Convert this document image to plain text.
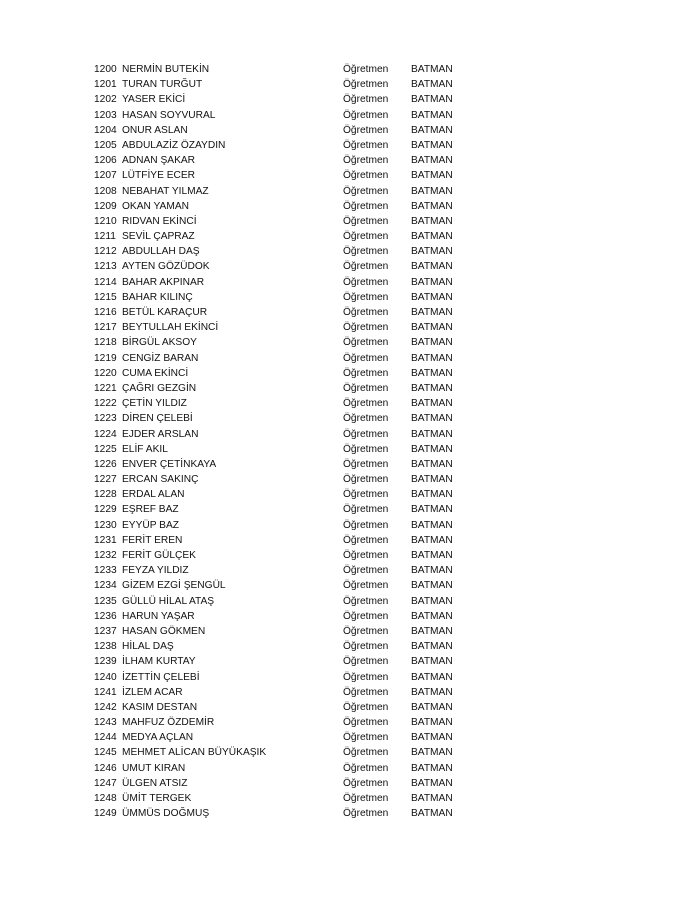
1200 NERMİN BUTEKİN	Öğretmen BATMAN
1201 TURAN TURĞUT	Öğretmen BATMAN
1202 YASER EKİCİ	Öğretmen BATMAN
1203 HASAN SOYVURAL	Öğretmen BATMAN
1204 ONUR ASLAN	Öğretmen BATMAN
1205 ABDULAZİZ ÖZAYDIN	Öğretmen BATMAN
1206 ADNAN ŞAKAR	Öğretmen BATMAN
1207 LÜTFİYE ECER	Öğretmen BATMAN
1208 NEBAHAT YILMAZ	Öğretmen BATMAN
1209 OKAN YAMAN	Öğretmen BATMAN
1210 RIDVAN EKİNCİ	Öğretmen BATMAN
1211 SEVİL ÇAPRAZ	Öğretmen BATMAN
1212 ABDULLAH DAŞ	Öğretmen BATMAN
1213 AYTEN GÖZÜDOK	Öğretmen BATMAN
1214 BAHAR AKPINAR	Öğretmen BATMAN
1215 BAHAR KILINÇ	Öğretmen BATMAN
1216 BETÜL KARAÇUR	Öğretmen BATMAN
1217 BEYTULLAH EKİNCİ	Öğretmen BATMAN
1218 BİRGÜL AKSOY	Öğretmen BATMAN
1219 CENGİZ BARAN	Öğretmen BATMAN
1220 CUMA EKİNCİ	Öğretmen BATMAN
1221 ÇAĞRI GEZGİN	Öğretmen BATMAN
1222 ÇETİN YILDIZ	Öğretmen BATMAN
1223 DİREN ÇELEBİ	Öğretmen BATMAN
1224 EJDER ARSLAN	Öğretmen BATMAN
1225 ELİF AKIL	Öğretmen BATMAN
1226 ENVER ÇETİNKAYA	Öğretmen BATMAN
1227 ERCAN SAKINÇ	Öğretmen BATMAN
1228 ERDAL ALAN	Öğretmen BATMAN
1229 EŞREF BAZ	Öğretmen BATMAN
1230 EYYÜP BAZ	Öğretmen BATMAN
1231 FERİT EREN	Öğretmen BATMAN
1232 FERİT GÜLÇEK	Öğretmen BATMAN
1233 FEYZA YILDIZ	Öğretmen BATMAN
1234 GİZEM EZGİ ŞENGÜL	Öğretmen BATMAN
1235 GÜLLÜ HİLAL ATAŞ	Öğretmen BATMAN
1236 HARUN YAŞAR	Öğretmen BATMAN
1237 HASAN GÖKMEN	Öğretmen BATMAN
1238 HİLAL DAŞ	Öğretmen BATMAN
1239 İLHAM KURTAY	Öğretmen BATMAN
1240 İZETTİN ÇELEBİ	Öğretmen BATMAN
1241 İZLEM ACAR	Öğretmen BATMAN
1242 KASIM DESTAN	Öğretmen BATMAN
1243 MAHFUZ ÖZDEMİR	Öğretmen BATMAN
1244 MEDYA AÇLAN	Öğretmen BATMAN
1245 MEHMET ALİCAN BÜYÜKAŞIK	Öğretmen BATMAN
1246 UMUT KIRAN	Öğretmen BATMAN
1247 ÜLGEN ATSIZ	Öğretmen BATMAN
1248 ÜMİT TERGEK	Öğretmen BATMAN
1249 ÜMMÜS DOĞMUŞ	Öğretmen BATMAN
